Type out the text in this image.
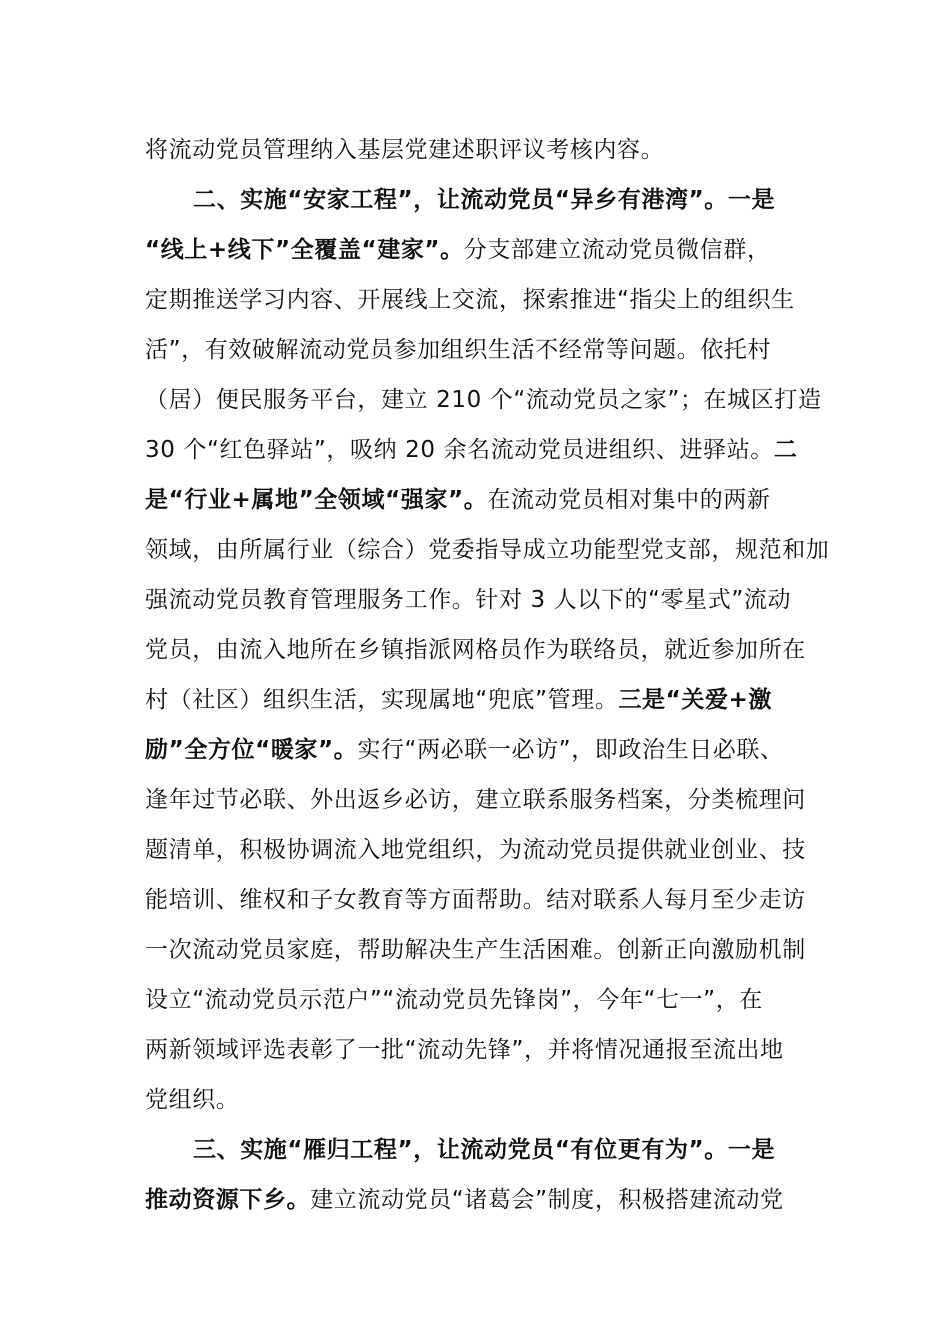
将流动党员管理纳入基层党建述职评议考核内容。
二、实施“安家工程”，让流动党员“异乡有港湾”。一是
“线上+线下”全覆盖“建家”。分支部建立流动党员微信群，
定期推送学习内容、开展线上交流，探索推进“指尖上的组织生
活”，有效破解流动党员参加组织生活不经常等问题。依托村
（居）便民服务平台，建立 210 个“流动党员之家”；在城区打造
30 个“红色驿站”，吸纳 20 余名流动党员进组织、进驿站。二
是“行业+属地”全领域“强家”。在流动党员相对集中的两新
领域，由所属行业（综合）党委指导成立功能型党支部，规范和加
强流动党员教育管理服务工作。针对 3 人以下的“零星式”流动
党员，由流入地所在乡镇指派网格员作为联络员，就近参加所在
村（社区）组织生活，实现属地“兜底”管理。三是“关爱+激
励”全方位“暖家”。实行“两必联一必访”，即政治生日必联、
逢年过节必联、外出返乡必访，建立联系服务档案，分类梳理问
题清单，积极协调流入地党组织，为流动党员提供就业创业、技
能培训、维权和子女教育等方面帮助。结对联系人每月至少走访
一次流动党员家庭，帮助解决生产生活困难。创新正向激励机制
设立“流动党员示范户”“流动党员先锋岗”，今年“七一”，在
两新领域评选表彰了一批“流动先锋”，并将情况通报至流出地
党组织。
三、实施“雁归工程”，让流动党员“有位更有为”。一是
推动资源下乡。建立流动党员“诸葛会”制度，积极搭建流动党
